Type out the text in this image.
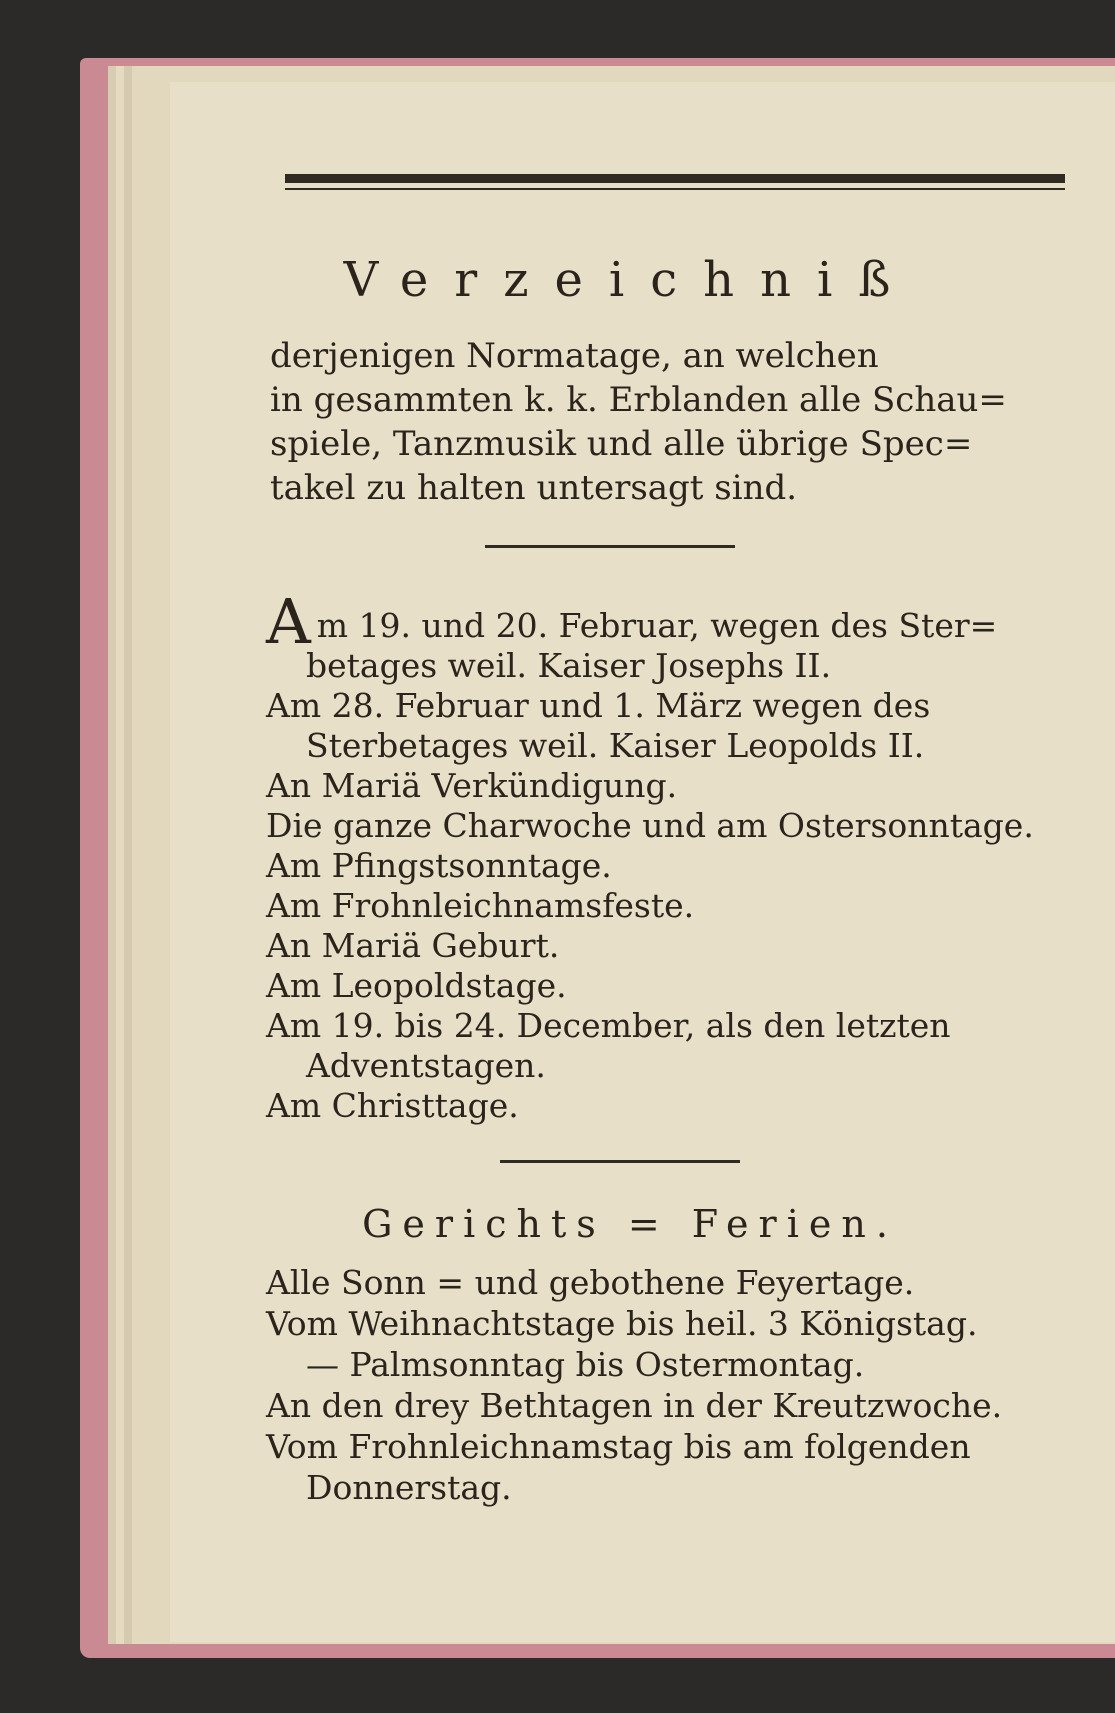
Verzeichniß
derjenigen Normatage, an welchen
in gesammten k. k. Erblanden alle Schau=
spiele, Tanzmusik und alle übrige Spec=
takel zu halten untersagt sind.
Am 19. und 20. Februar, wegen des Ster=
betages weil. Kaiser Josephs II.
Am 28. Februar und 1. März wegen des
Sterbetages weil. Kaiser Leopolds II.
An Mariä Verkündigung.
Die ganze Charwoche und am Ostersonntage.
Am Pfingstsonntage.
Am Frohnleichnamsfeste.
An Mariä Geburt.
Am Leopoldstage.
Am 19. bis 24. December, als den letzten
Adventstagen.
Am Christtage.
Gerichts = Ferien.
Alle Sonn = und gebothene Feyertage.
Vom Weihnachtstage bis heil. 3 Königstag.
— Palmsonntag bis Ostermontag.
An den drey Bethtagen in der Kreutzwoche.
Vom Frohnleichnamstag bis am folgenden
Donnerstag.
